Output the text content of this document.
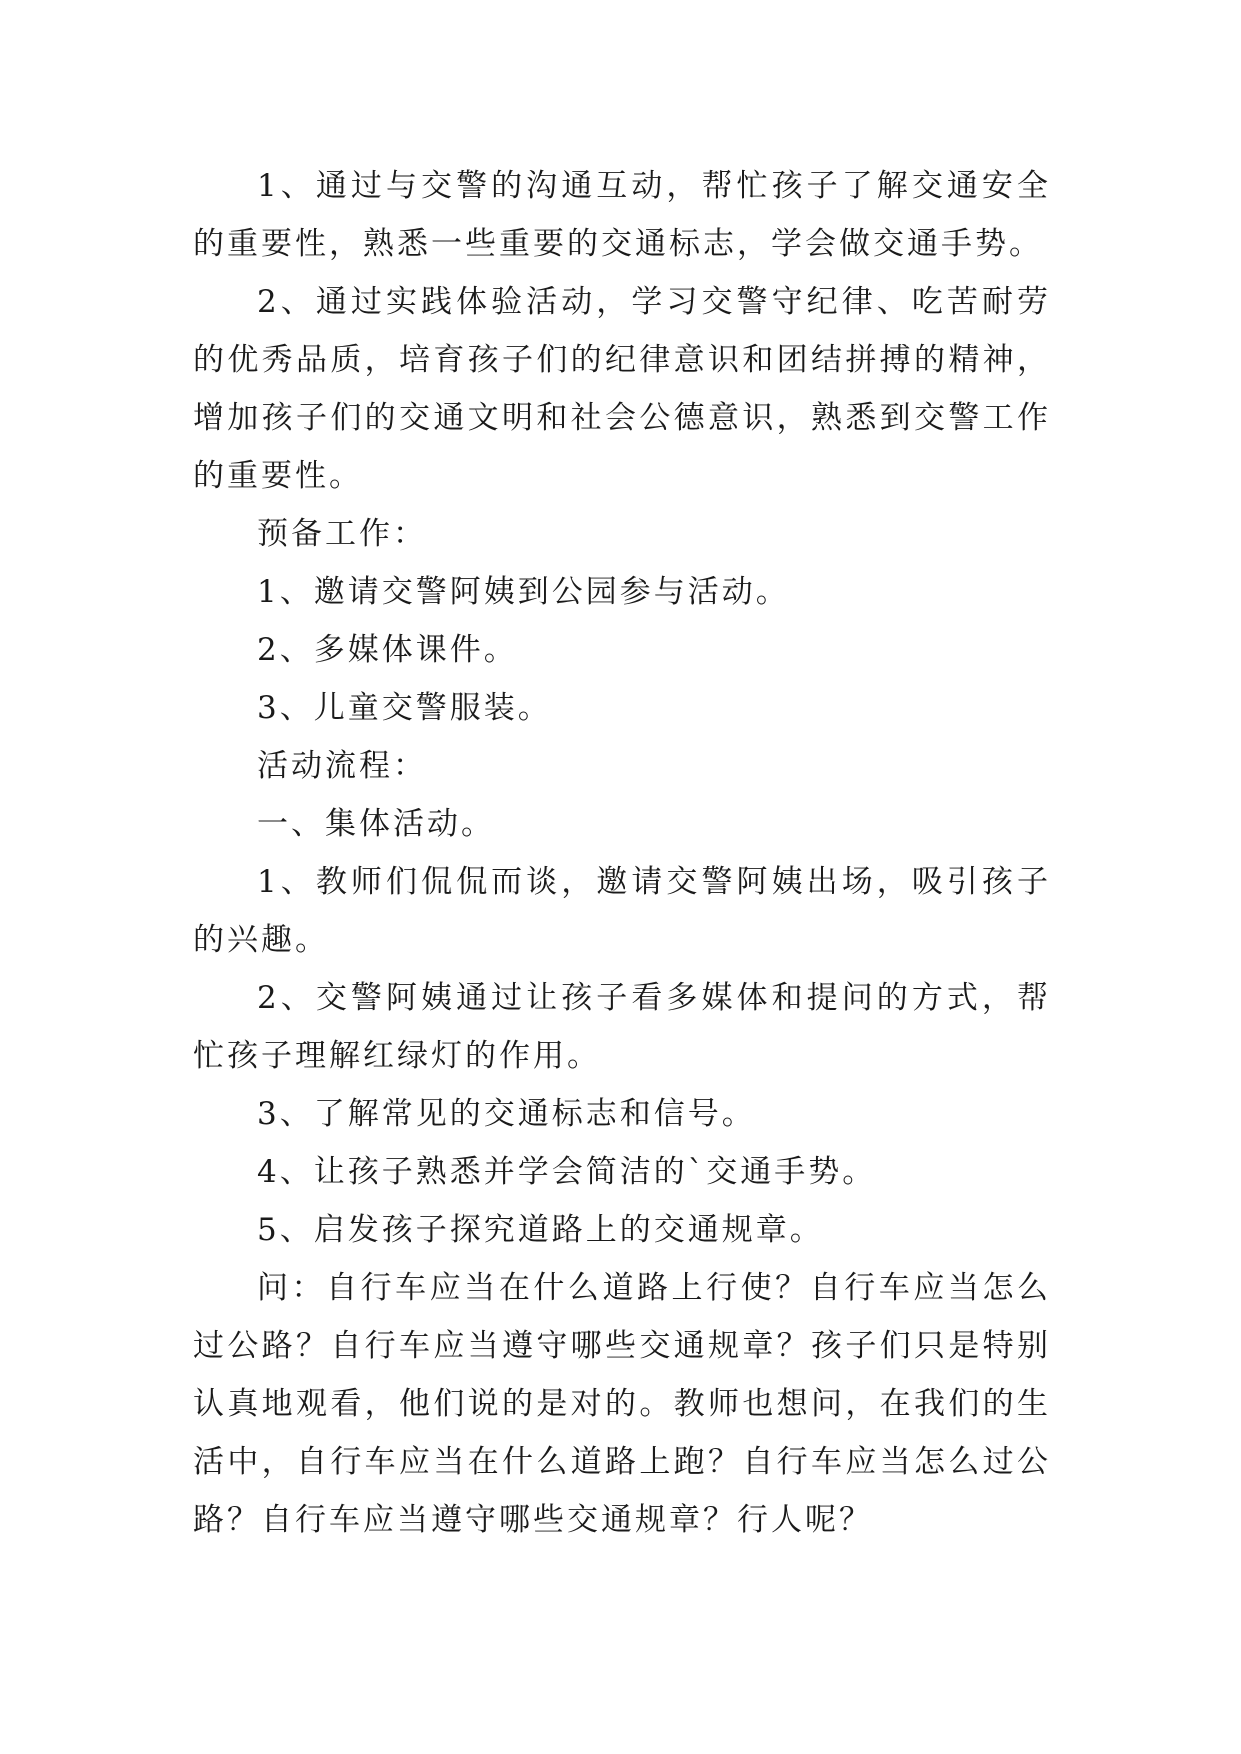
1、通过与交警的沟通互动，帮忙孩子了解交通安全的重要性，熟悉一些重要的交通标志，学会做交通手势。

2、通过实践体验活动，学习交警守纪律、吃苦耐劳的优秀品质，培育孩子们的纪律意识和团结拼搏的精神，增加孩子们的交通文明和社会公德意识，熟悉到交警工作的重要性。

预备工作：

1、邀请交警阿姨到公园参与活动。

2、多媒体课件。

3、儿童交警服装。

活动流程：

一、集体活动。

1、教师们侃侃而谈，邀请交警阿姨出场，吸引孩子的兴趣。

2、交警阿姨通过让孩子看多媒体和提问的方式，帮忙孩子理解红绿灯的作用。

3、了解常见的交通标志和信号。

4、让孩子熟悉并学会简洁的`交通手势。

5、启发孩子探究道路上的交通规章。

问：自行车应当在什么道路上行使？自行车应当怎么过公路？自行车应当遵守哪些交通规章？孩子们只是特别认真地观看，他们说的是对的。教师也想问，在我们的生活中，自行车应当在什么道路上跑？自行车应当怎么过公路？自行车应当遵守哪些交通规章？行人呢？
